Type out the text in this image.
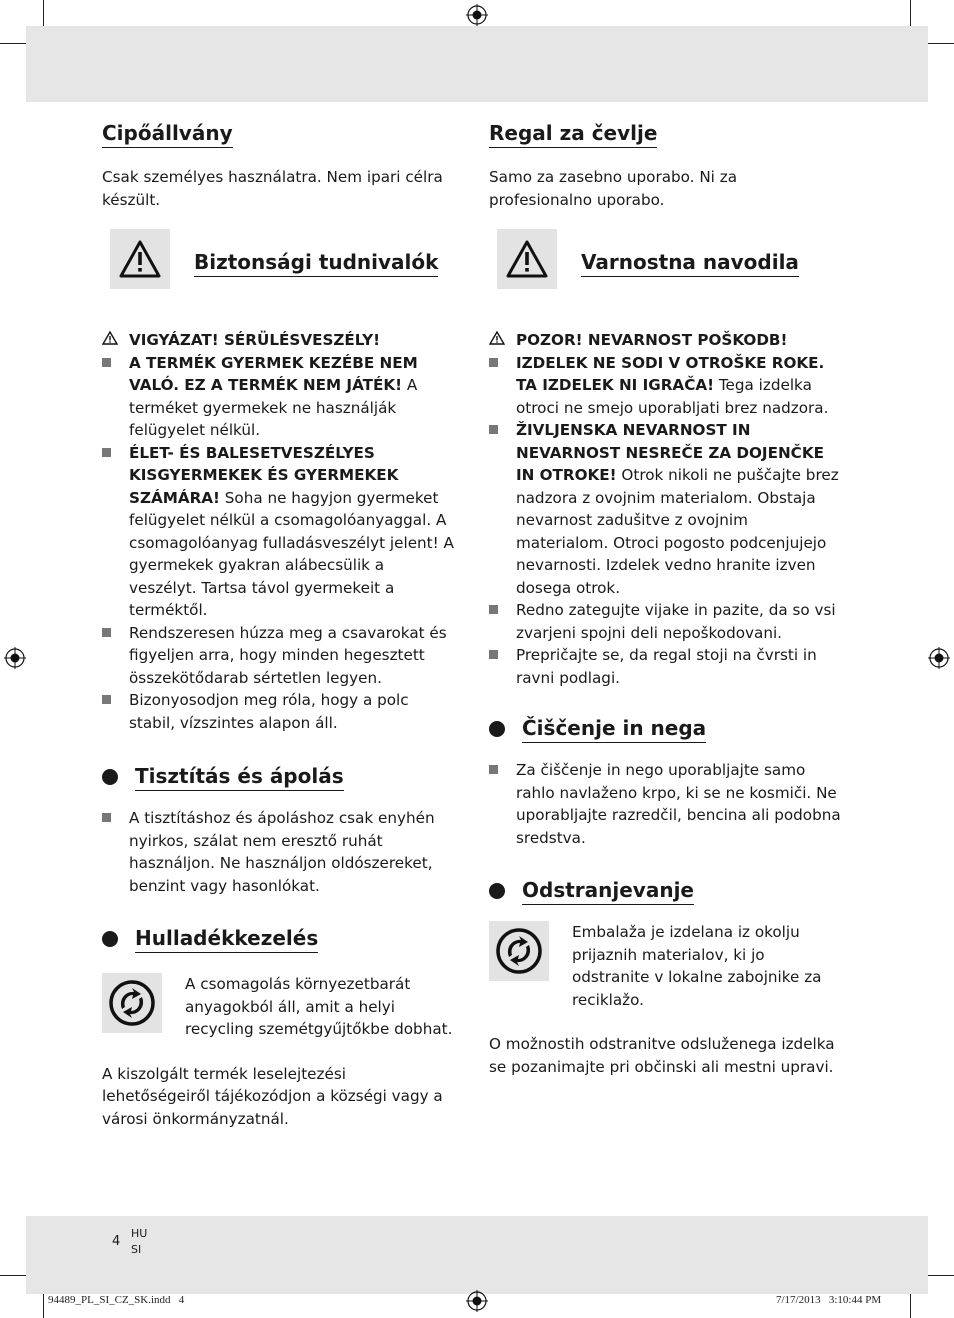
Cipőállvány

Csak személyes használatra. Nem ipari célra készült.

Biztonsági tudnivalók

VIGYÁZAT! SÉRÜLÉSVESZÉLY!

A TERMÉK GYERMEK KEZÉBE NEM VALÓ. EZ A TERMÉK NEM JÁTÉK! A terméket gyermekek ne használják felügyelet nélkül.

ÉLET- ÉS BALESETVESZÉLYES KISGYERMEKEK ÉS GYERMEKEK SZÁMÁRA! Soha ne hagyjon gyermeket felügyelet nélkül a csomagolóanyaggal. A csomagolóanyag fulladásveszélyt jelent! A gyermekek gyakran alábecsülik a veszélyt. Tartsa távol gyermekeit a terméktől.

Rendszeresen húzza meg a csavarokat és figyeljen arra, hogy minden hegesztett összekötődarab sértetlen legyen.

Bizonyosodjon meg róla, hogy a polc stabil, vízszintes alapon áll.

Tisztítás és ápolás

A tisztításhoz és ápoláshoz csak enyhén nyirkos, szálat nem eresztő ruhát használjon. Ne használjon oldószereket, benzint vagy hasonlókat.

Hulladékkezelés

A csomagolás környezetbarát anyagokból áll, amit a helyi recycling szemétgyűjtőkbe dobhat.

A kiszolgált termék leselejtezési lehetőségeiről tájékozódjon a községi vagy a városi önkormányzatnál.

Regal za čevlje

Samo za zasebno uporabo. Ni za profesionalno uporabo.

Varnostna navodila

POZOR! NEVARNOST POŠKODB!

IZDELEK NE SODI V OTROŠKE ROKE. TA IZDELEK NI IGRAČA! Tega izdelka otroci ne smejo uporabljati brez nadzora.

ŽIVLJENSKA NEVARNOST IN NEVARNOST NESREČE ZA DOJENČKE IN OTROKE! Otrok nikoli ne puščajte brez nadzora z ovojnim materialom. Obstaja nevarnost zadušitve z ovojnim materialom. Otroci pogosto podcenjujejo nevarnosti. Izdelek vedno hranite izven dosega otrok.

Redno zategujte vijake in pazite, da so vsi zvarjeni spojni deli nepoškodovani.

Prepričajte se, da regal stoji na čvrsti in ravni podlagi.

Čiščenje in nega

Za čiščenje in nego uporabljajte samo rahlo navlaženo krpo, ki se ne kosmiči. Ne uporabljajte razredčil, bencina ali podobna sredstva.

Odstranjevanje

Embalaža je izdelana iz okolju prijaznih materialov, ki jo odstranite v lokalne zabojnike za reciklažo.

O možnostih odstranitve odsluženega izdelka se pozanimajte pri občinski ali mestni upravi.

4
HU
SI
94489_PL_SI_CZ_SK.indd   4	7/17/2013   3:10:44 PM
